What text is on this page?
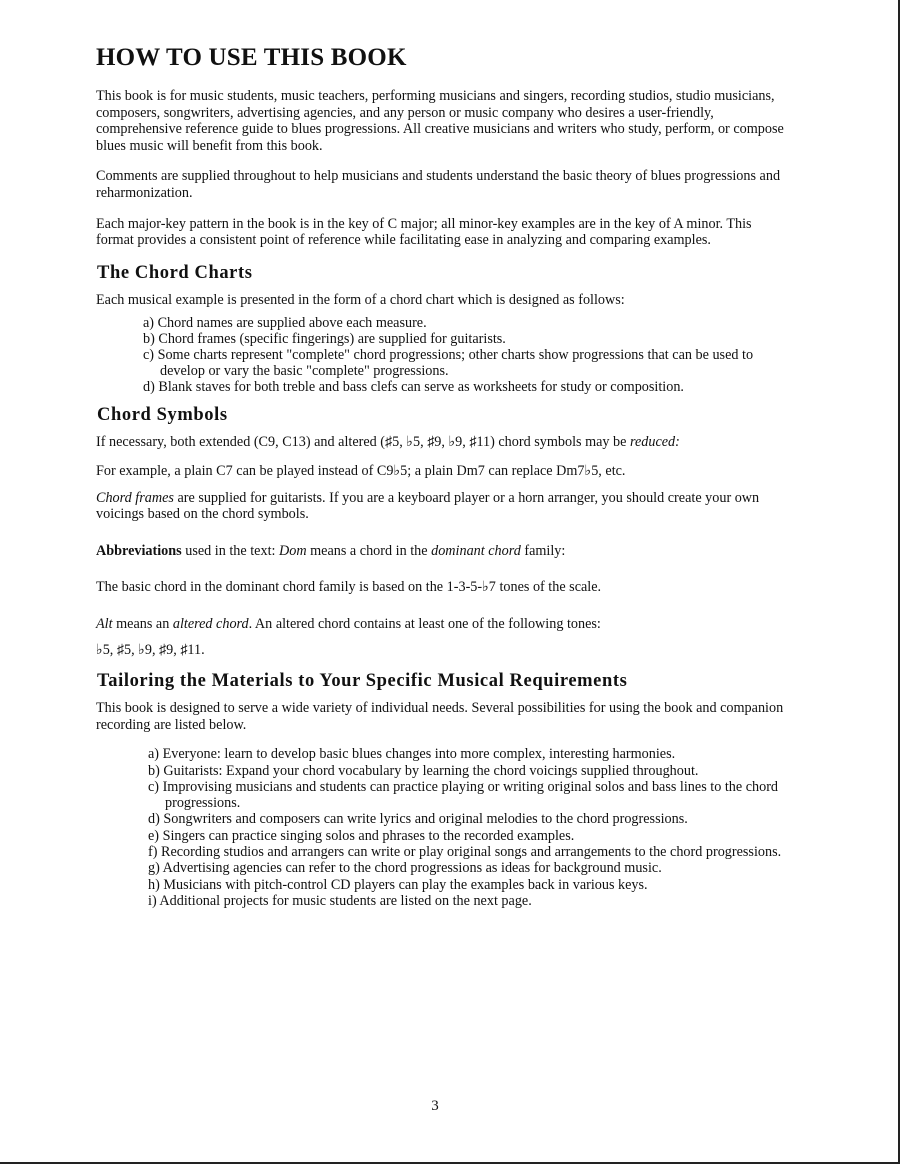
HOW TO USE THIS BOOK

This book is for music students, music teachers, performing musicians and singers, recording studios, studio musicians, composers, songwriters, advertising agencies, and any person or music company who desires a user-friendly, comprehensive reference guide to blues progressions. All creative musicians and writers who study, perform, or compose blues music will benefit from this book.

Comments are supplied throughout to help musicians and students understand the basic theory of blues progressions and reharmonization.

Each major-key pattern in the book is in the key of C major; all minor-key examples are in the key of A minor. This format provides a consistent point of reference while facilitating ease in analyzing and comparing examples.

The Chord Charts

Each musical example is presented in the form of a chord chart which is designed as follows:

a) Chord names are supplied above each measure.
b) Chord frames (specific fingerings) are supplied for guitarists.
c) Some charts represent "complete" chord progressions; other charts show progressions that can be used to develop or vary the basic "complete" progressions.
d) Blank staves for both treble and bass clefs can serve as worksheets for study or composition.
Chord Symbols

If necessary, both extended (C9, C13) and altered (♯5, ♭5, ♯9, ♭9, ♯11) chord symbols may be reduced:

For example, a plain C7 can be played instead of C9♭5; a plain Dm7 can replace Dm7♭5, etc.

Chord frames are supplied for guitarists. If you are a keyboard player or a horn arranger, you should create your own voicings based on the chord symbols.

Abbreviations used in the text: Dom means a chord in the dominant chord family:

The basic chord in the dominant chord family is based on the 1-3-5-♭7 tones of the scale.

Alt means an altered chord. An altered chord contains at least one of the following tones:

♭5, ♯5, ♭9, ♯9, ♯11.

Tailoring the Materials to Your Specific Musical Requirements

This book is designed to serve a wide variety of individual needs. Several possibilities for using the book and companion recording are listed below.

a) Everyone: learn to develop basic blues changes into more complex, interesting harmonies.
b) Guitarists: Expand your chord vocabulary by learning the chord voicings supplied throughout.
c) Improvising musicians and students can practice playing or writing original solos and bass lines to the chord progressions.
d) Songwriters and composers can write lyrics and original melodies to the chord progressions.
e) Singers can practice singing solos and phrases to the recorded examples.
f) Recording studios and arrangers can write or play original songs and arrangements to the chord progressions.
g) Advertising agencies can refer to the chord progressions as ideas for background music.
h) Musicians with pitch-control CD players can play the examples back in various keys.
i) Additional projects for music students are listed on the next page.
3
